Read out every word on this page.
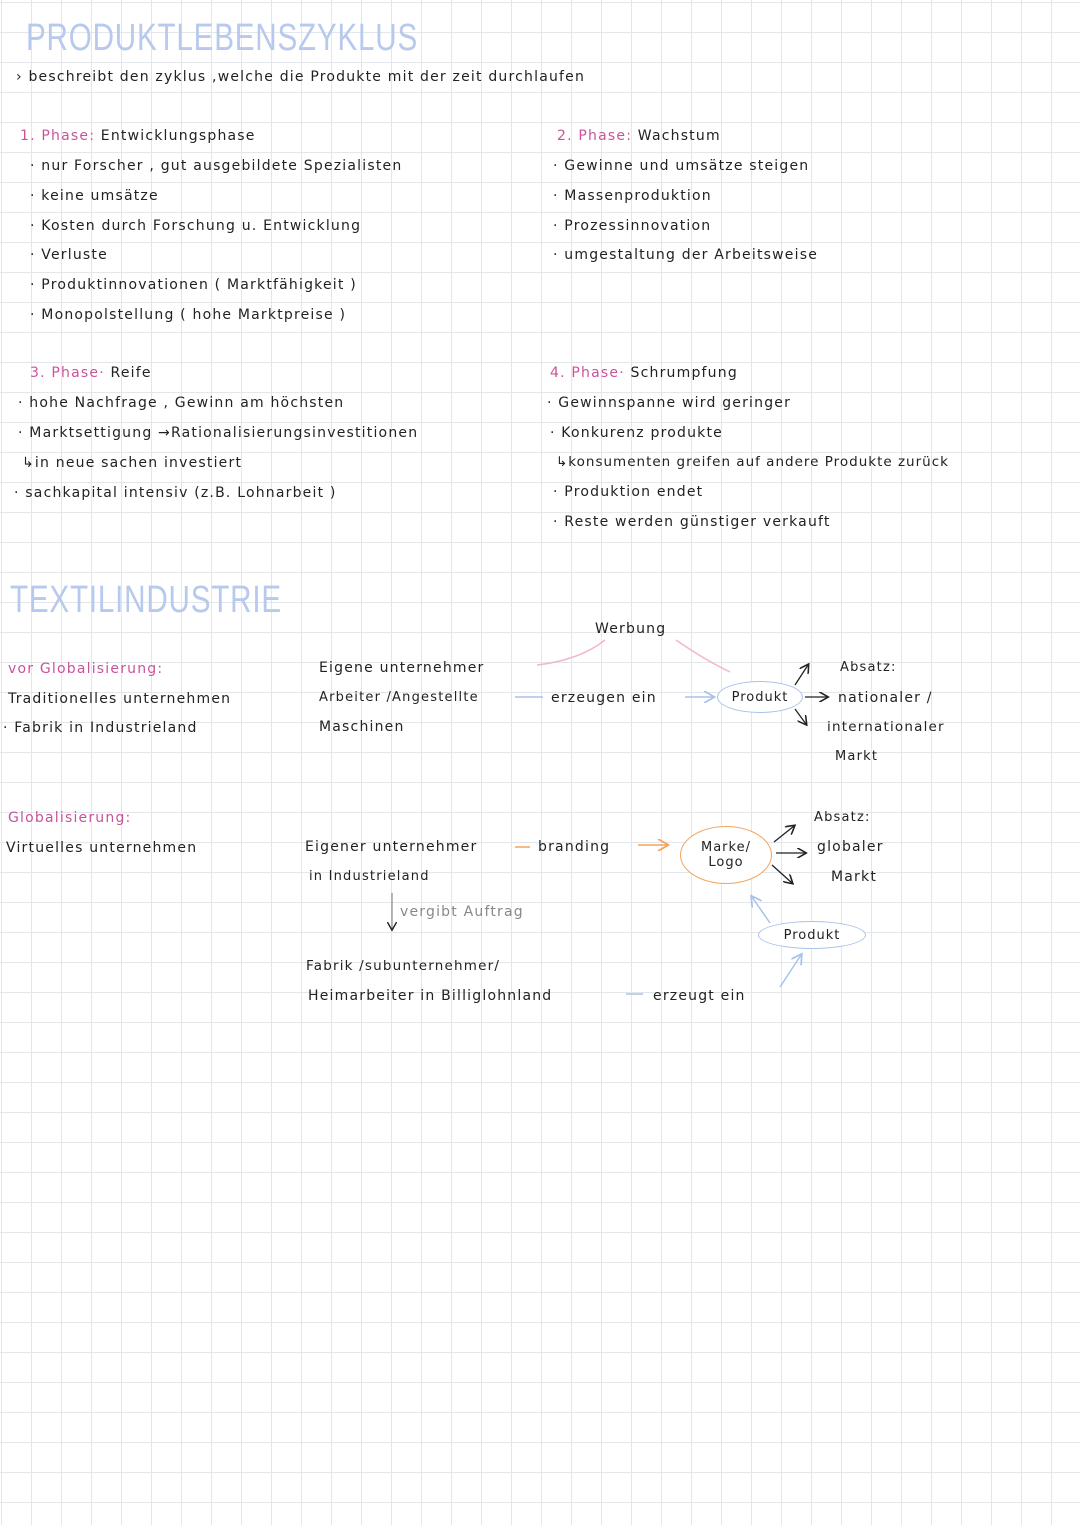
PRODUKTLEBENSZYKLUS
› beschreibt den zyklus ,welche die Produkte mit der zeit durchlaufen
1. Phase: Entwicklungsphase
· nur Forscher , gut ausgebildete Spezialisten
· keine umsätze
· Kosten durch Forschung u. Entwicklung
· Verluste
· Produktinnovationen ( Marktfähigkeit )
· Monopolstellung ( hohe Marktpreise )
2. Phase: Wachstum
· Gewinne und umsätze steigen
· Massenproduktion
· Prozessinnovation
· umgestaltung der Arbeitsweise
3. Phase· Reife
· hohe Nachfrage , Gewinn am höchsten
· Marktsettigung →Rationalisierungsinvestitionen
↳in neue sachen investiert
· sachkapital intensiv (z.B. Lohnarbeit )
4. Phase· Schrumpfung
· Gewinnspanne wird geringer
· Konkurenz produkte
↳konsumenten greifen auf andere Produkte zurück
· Produktion endet
· Reste werden günstiger verkauft
TEXTILINDUSTRIE
vor Globalisierung:
Traditionelles unternehmen
· Fabrik in Industrieland
Eigene unternehmer
Arbeiter /Angestellte
Maschinen
Werbung
erzeugen ein	Produkt
Absatz:
nationaler /
internationaler
Markt
Globalisierung:
Virtuelles unternehmen	Eigener unternehmer
in Industrieland
branding	Marke/
Logo
Absatz:
globaler
Markt
vergibt Auftrag
Produkt
Fabrik /subunternehmer/
Heimarbeiter in Billiglohnland	erzeugt ein
